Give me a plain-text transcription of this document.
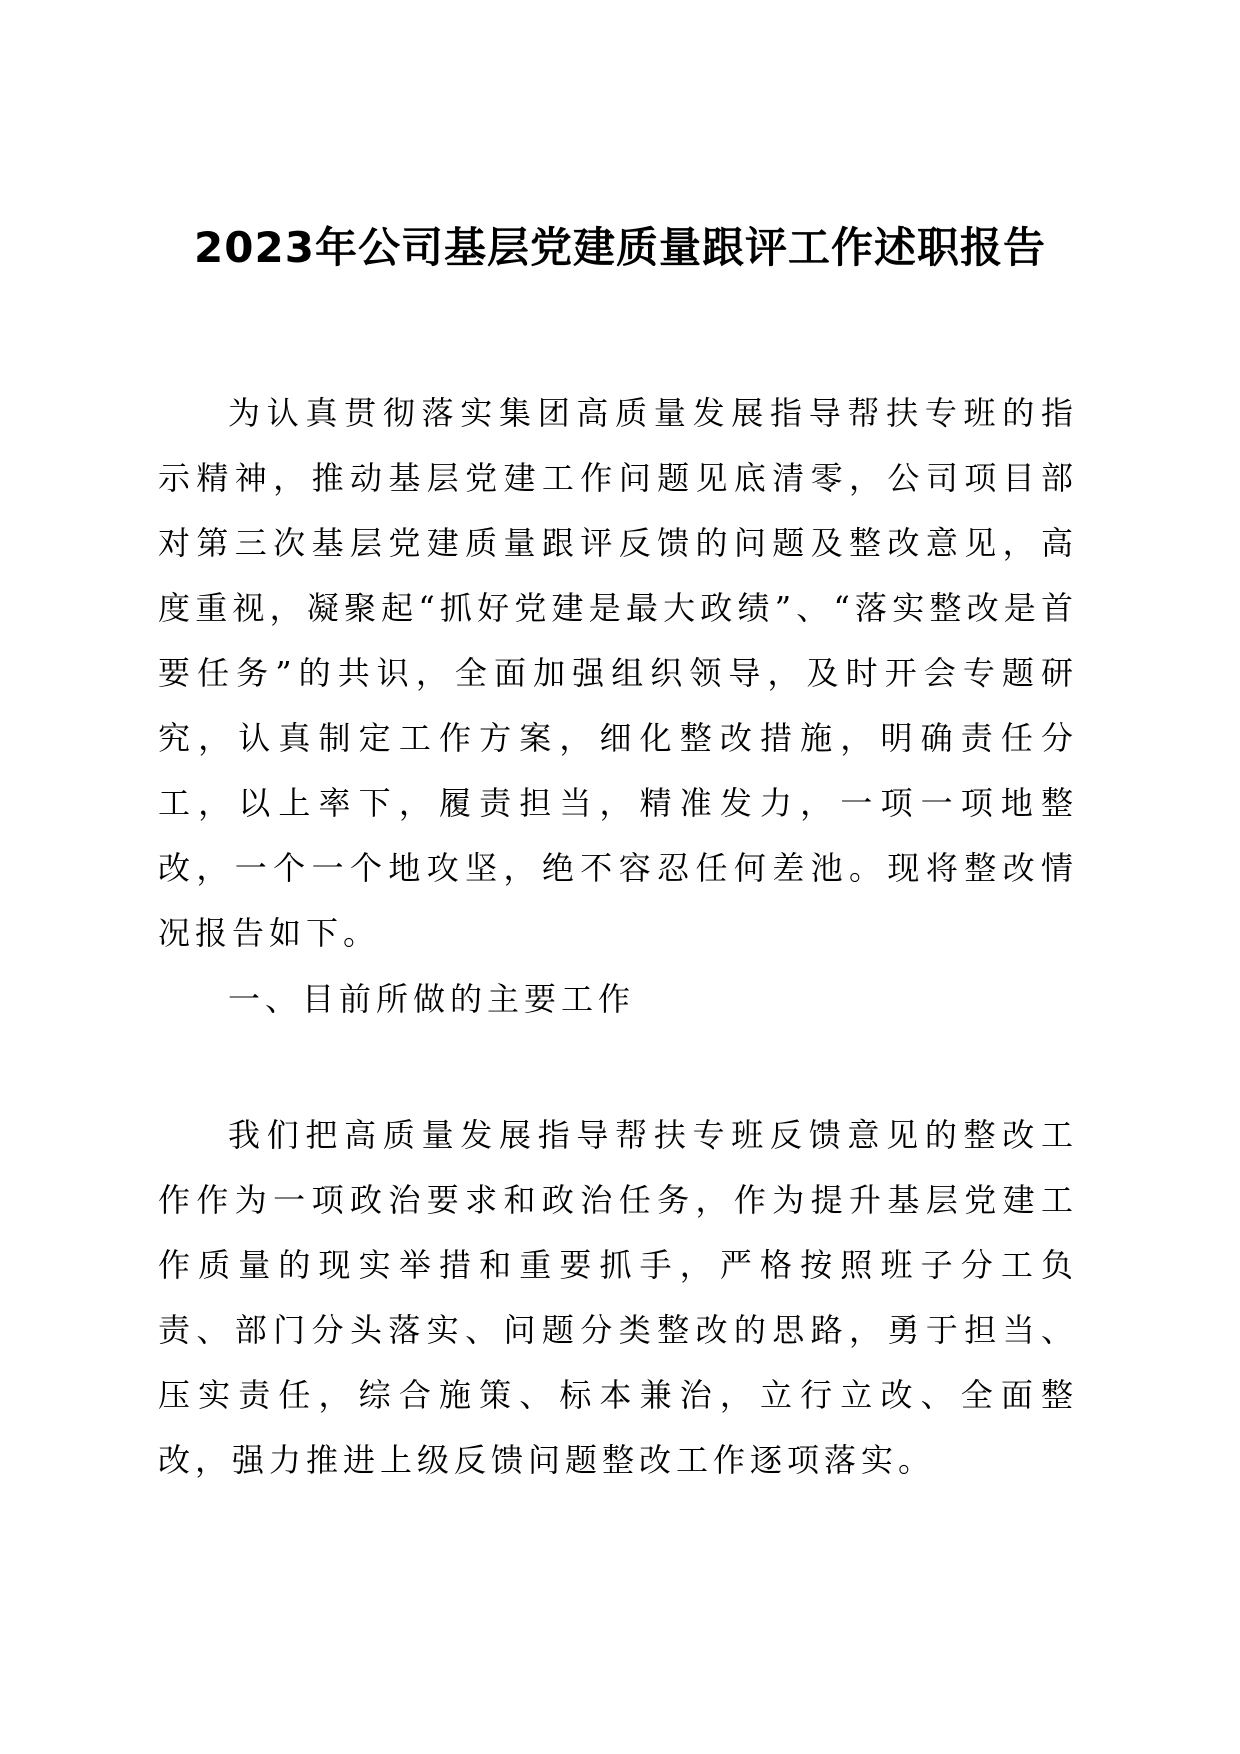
2023年公司基层党建质量跟评工作述职报告

为认真贯彻落实集团高质量发展指导帮扶专班的指示精神，推动基层党建工作问题见底清零，公司项目部对第三次基层党建质量跟评反馈的问题及整改意见，高度重视，凝聚起“抓好党建是最大政绩”、“落实整改是首要任务”的共识，全面加强组织领导，及时开会专题研究，认真制定工作方案，细化整改措施，明确责任分工，以上率下，履责担当，精准发力，一项一项地整改，一个一个地攻坚，绝不容忍任何差池。现将整改情况报告如下。

一、目前所做的主要工作

我们把高质量发展指导帮扶专班反馈意见的整改工作作为一项政治要求和政治任务，作为提升基层党建工作质量的现实举措和重要抓手，严格按照班子分工负责、部门分头落实、问题分类整改的思路，勇于担当、压实责任，综合施策、标本兼治，立行立改、全面整改，强力推进上级反馈问题整改工作逐项落实。
